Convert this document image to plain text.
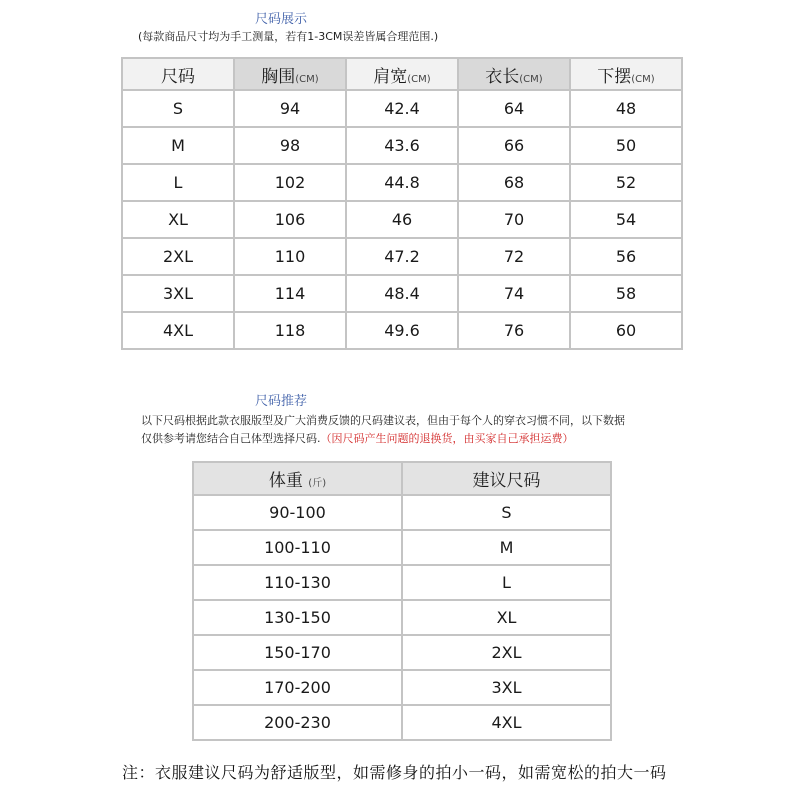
尺码展示
(每款商品尺寸均为手工测量，若有1-3CM误差皆属合理范围.)
尺码	胸围(CM)	肩宽(CM)	衣长(CM)	下摆(CM)
S	94	42.4	64	48
M	98	43.6	66	50
L	102	44.8	68	52
XL	106	46	70	54
2XL	110	47.2	72	56
3XL	114	48.4	74	58
4XL	118	49.6	76	60
尺码推荐
以下尺码根据此款衣服版型及广大消费反馈的尺码建议表，但由于每个人的穿衣习惯不同，以下数据
仅供参考请您结合自己体型选择尺码.（因尺码产生问题的退换货，由买家自己承担运费）
体重 (斤)	建议尺码
90-100	S
100-110	M
110-130	L
130-150	XL
150-170	2XL
170-200	3XL
200-230	4XL
注：衣服建议尺码为舒适版型，如需修身的拍小一码，如需宽松的拍大一码
